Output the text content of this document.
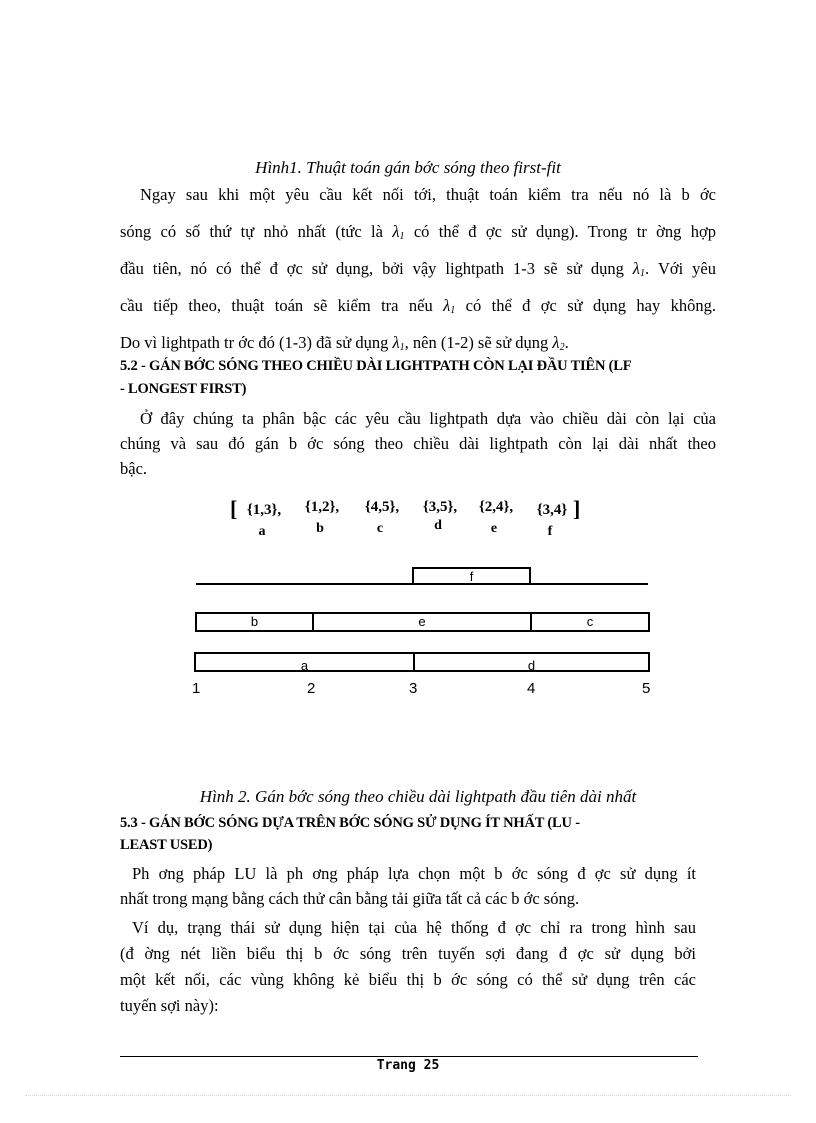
Hình1. Thuật toán gán bớc sóng theo first-fit
Ngay sau khi một yêu cầu kết nối tới, thuật toán kiểm tra nếu nó là b ớc
sóng có số thứ tự nhỏ nhất (tức là $\lambda_1$ có thể đ ợc sử dụng). Trong tr ờng hợp
đầu tiên, nó có thể đ ợc sử dụng, bởi vậy lightpath 1-3 sẽ sử dụng $\lambda_1$. Với yêu
cầu tiếp theo, thuật toán sẽ kiểm tra nếu $\lambda_1$ có thể đ ợc sử dụng hay không.
Do vì lightpath tr ớc đó (1-3) đã sử dụng $\lambda_1$, nên (1-2) sẽ sử dụng $\lambda_2$.
5.2 - GÁN BỚC SÓNG THEO CHIỀU DÀI LIGHTPATH CÒN LẠI ĐẦU TIÊN (LF
- LONGEST FIRST)
Ở đây chúng ta phân bậc các yêu cầu lightpath dựa vào chiều dài còn lại của
chúng và sau đó gán b ớc sóng theo chiều dài lightpath còn lại dài nhất theo
bậc.
[ {1,3},	{1,2},	{4,5},	{3,5},	{2,4},	{3,4} ]
a	b	c	d	e	f
f
b	e	c
a	d
1	2	3	4	5
Hình 2. Gán bớc sóng theo chiều dài lightpath đầu tiên dài nhất
5.3 - GÁN BỚC SÓNG DỰA TRÊN BỚC SÓNG SỬ DỤNG ÍT NHẤT (LU -
LEAST USED)
Ph ơng pháp LU là ph ơng pháp lựa chọn một b ớc sóng đ ợc sử dụng ít
nhất trong mạng bằng cách thử cân bằng tải giữa tất cả các b ớc sóng.
Ví dụ, trạng thái sử dụng hiện tại của hệ thống đ ợc chỉ ra trong hình sau
(đ ờng nét liền biểu thị b ớc sóng trên tuyến sợi đang đ ợc sử dụng bởi
một kết nối, các vùng không kẻ biểu thị b ớc sóng có thể sử dụng trên các
tuyến sợi này):
Trang 25
